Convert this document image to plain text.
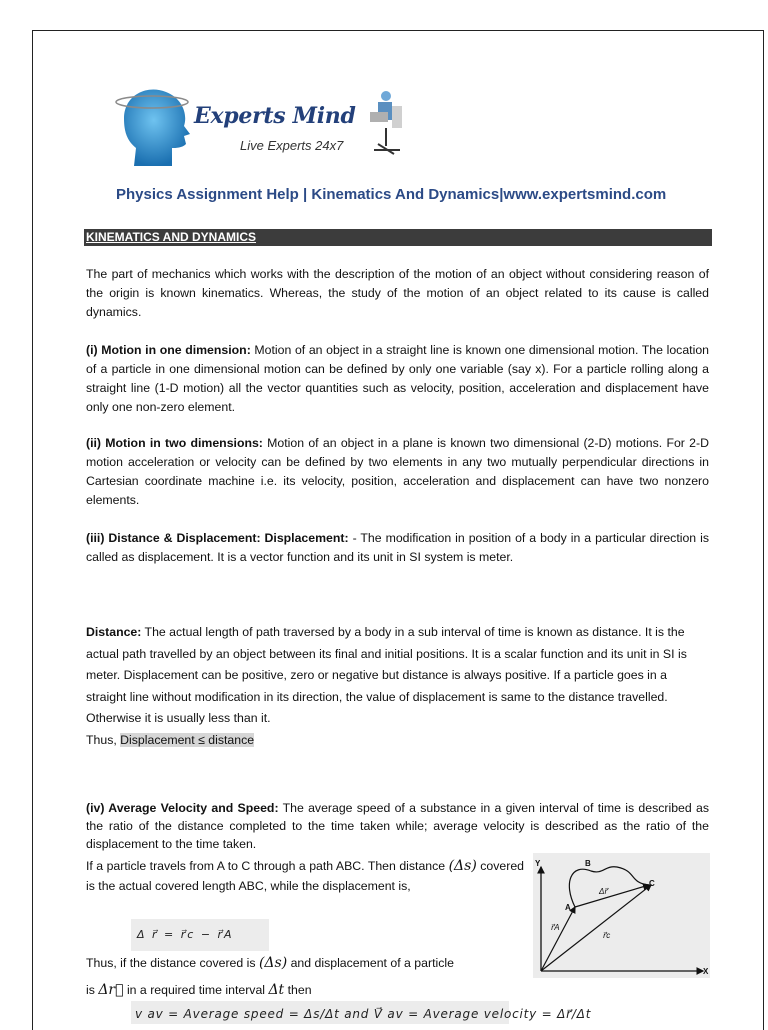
Experts Mind
Live Experts 24x7
Physics Assignment Help | Kinematics And Dynamics|www.expertsmind.com
KINEMATICS AND DYNAMICS

The part of mechanics which works with the description of the motion of an object without considering reason of the origin is known kinematics. Whereas, the study of the motion of an object related to its cause is called dynamics.

(i) Motion in one dimension: Motion of an object in a straight line is known one dimensional motion. The location of a particle in one dimensional motion can be defined by only one variable (say x). For a particle rolling along a straight line (1-D motion) all the vector quantities such as velocity, position, acceleration and displacement have only one non-zero element.

(ii) Motion in two dimensions: Motion of an object in a plane is known two dimensional (2-D) motions. For 2-D motion acceleration or velocity can be defined by two elements in any two mutually perpendicular directions in Cartesian coordinate machine i.e. its velocity, position, acceleration and displacement can have two nonzero elements.

(iii) Distance & Displacement: Displacement: - The modification in position of a body in a particular direction is called as displacement. It is a vector function and its unit in SI system is meter.

Distance: The actual length of path traversed by a body in a sub interval of time is known as distance. It is the actual path travelled by an object between its final and initial positions. It is a scalar function and its unit in SI is meter. Displacement can be positive, zero or negative but distance is always positive. If a particle goes in a straight line without modification in its direction, the value of displacement is same to the distance travelled. Otherwise it is usually less than it.
Thus, Displacement ≤ distance

(iv) Average Velocity and Speed: The average speed of a substance in a given interval of time is described as the ratio of the distance completed to the time taken while; average velocity is described as the ratio of the displacement to the time taken.

If a particle travels from A to C through a path ABC. Then distance (Δs) covered is the actual covered length ABC, while the displacement is,

Δ r⃗ = r⃗c − r⃗A

Thus, if the distance covered is (Δs) and displacement of a particle

is Δr⃗ in a required time interval Δt then

v av = Average speed = Δs/Δt and V⃗ av = Average velocity = Δr⃗/Δt
Y
X
B
C
A
Δr⃗
r⃗A
r⃗c
